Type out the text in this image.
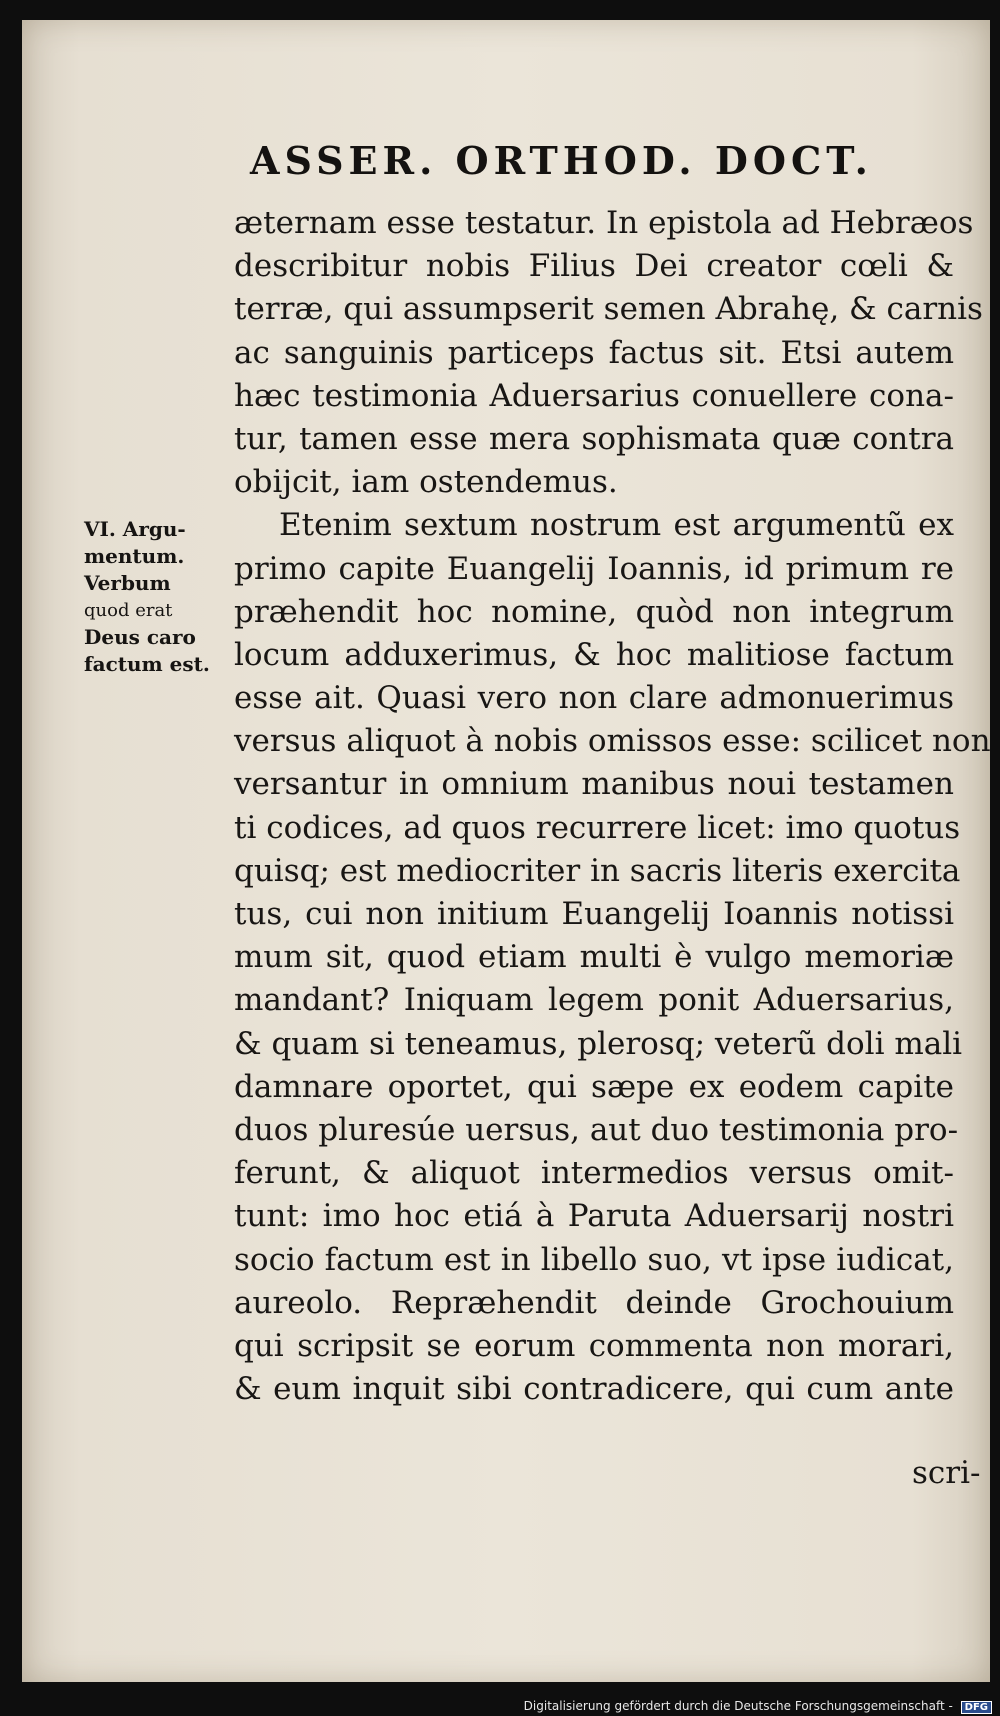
ASSER. ORTHOD. DOCT.
VI. Argu-
mentum.
Verbum
quod erat
Deus caro
factum est.
æternam esse testatur. In epistola ad Hebræos
describitur nobis Filius Dei creator cœli &
terræ, qui assumpserit semen Abrahę, & carnis
ac sanguinis particeps factus sit. Etsi autem
hæc testimonia Aduersarius conuellere cona-
tur, tamen esse mera sophismata quæ contra
obijcit, iam ostendemus.
Etenim sextum nostrum est argumentũ ex
primo capite Euangelij Ioannis, id primum re
præhendit hoc nomine, quòd non integrum
locum adduxerimus, & hoc malitiose factum
esse ait. Quasi vero non clare admonuerimus
versus aliquot à nobis omissos esse: scilicet non
versantur in omnium manibus noui testamen
ti codices, ad quos recurrere licet: imo quotus
quisq; est mediocriter in sacris literis exercita
tus, cui non initium Euangelij Ioannis notissi
mum sit, quod etiam multi è vulgo memoriæ
mandant? Iniquam legem ponit Aduersarius,
& quam si teneamus, plerosq; veterũ doli mali
damnare oportet, qui sæpe ex eodem capite
duos pluresúe uersus, aut duo testimonia pro-
ferunt, & aliquot intermedios versus omit-
tunt: imo hoc etiá à Paruta Aduersarij nostri
socio factum est in libello suo, vt ipse iudicat,
aureolo. Repræhendit deinde Grochouium
qui scripsit se eorum commenta non morari,
& eum inquit sibi contradicere, qui cum ante
scri-
Digitalisierung gefördert durch die Deutsche Forschungsgemeinschaft - DFG
